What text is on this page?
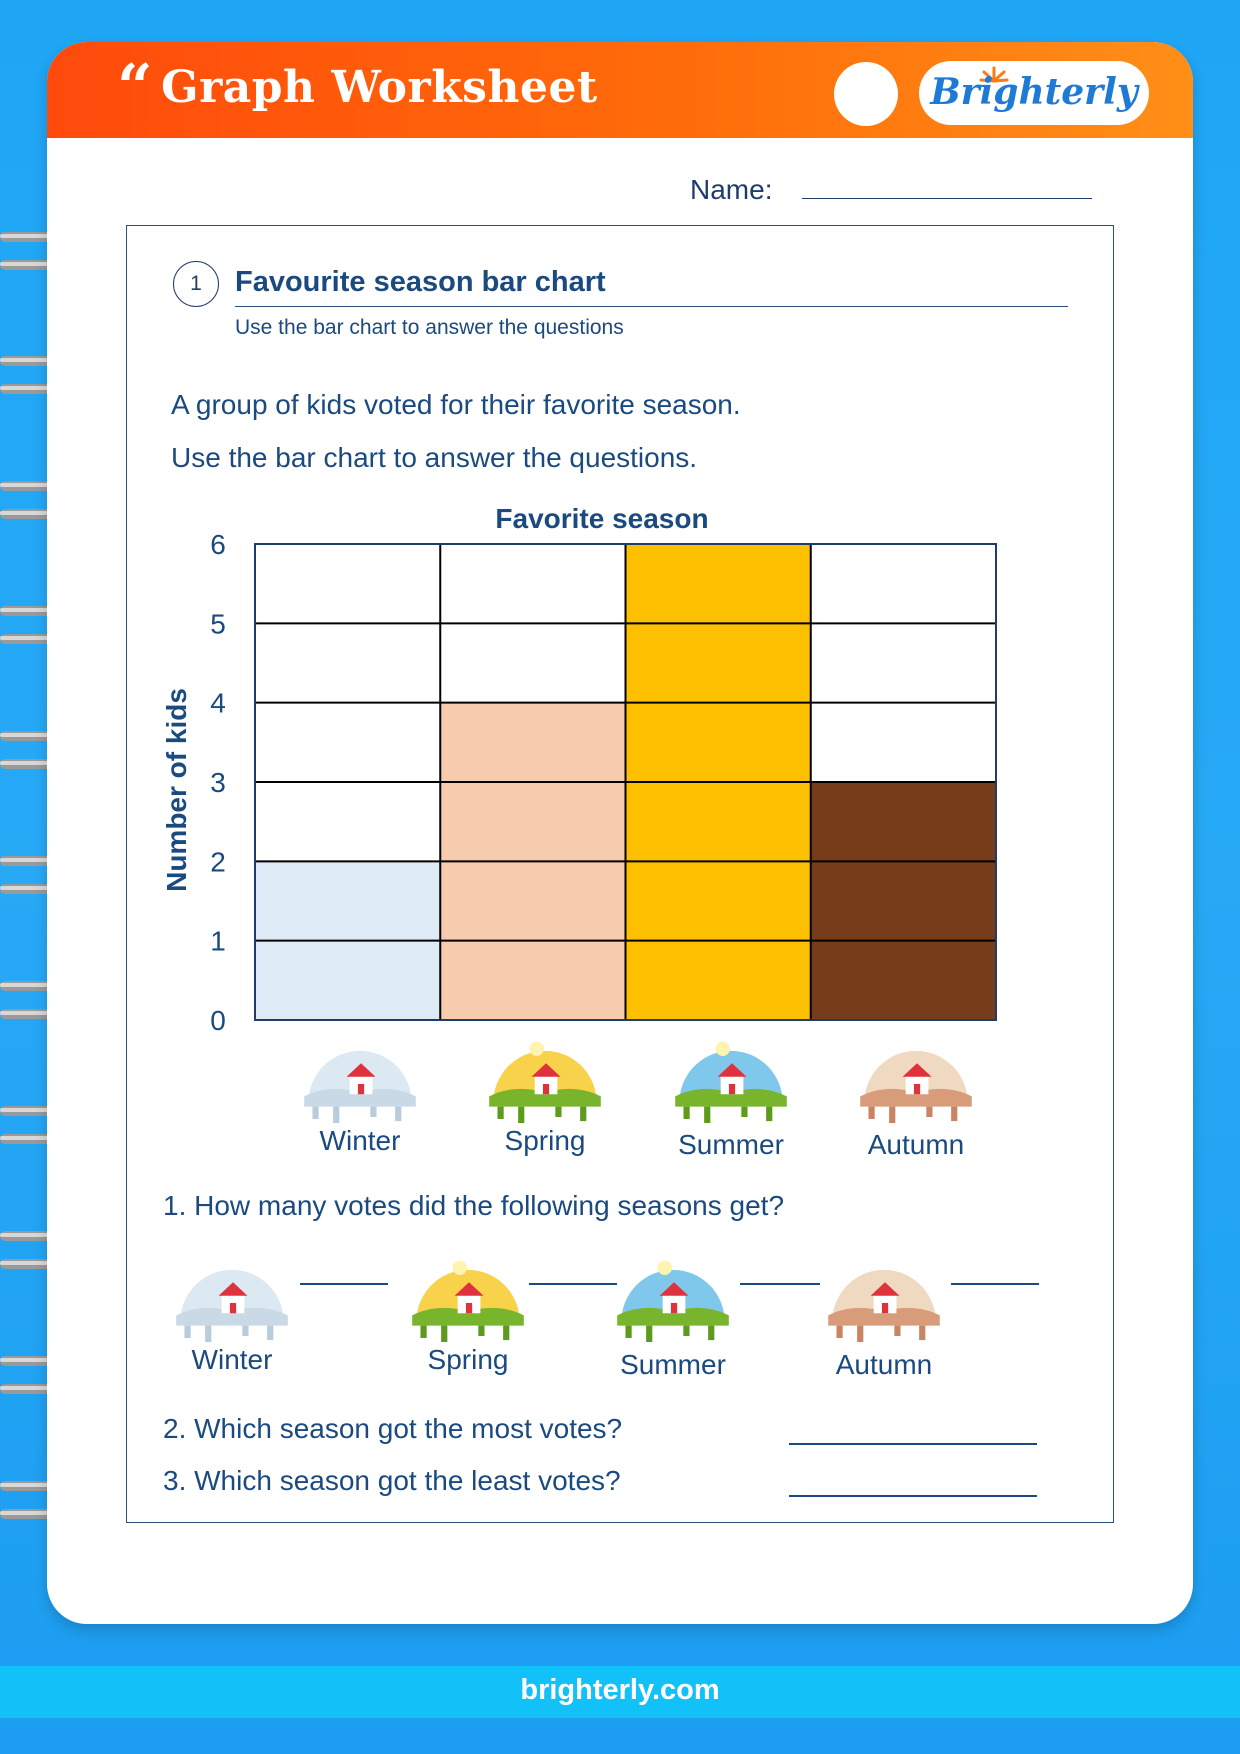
“ Graph Worksheet	Brighterly
Name:
1	Favourite season bar chart
Use the bar chart to answer the questions
A group of kids voted for their favorite season.
Use the bar chart to answer the questions.
Favorite season
Number of kids
0
1
2
3
4
5
6
Winter	Spring	Summer	Autumn
1. How many votes did the following seasons get?
Winter	Spring	Summer	Autumn
2. Which season got the most votes?
3. Which season got the least votes?
brighterly.com
